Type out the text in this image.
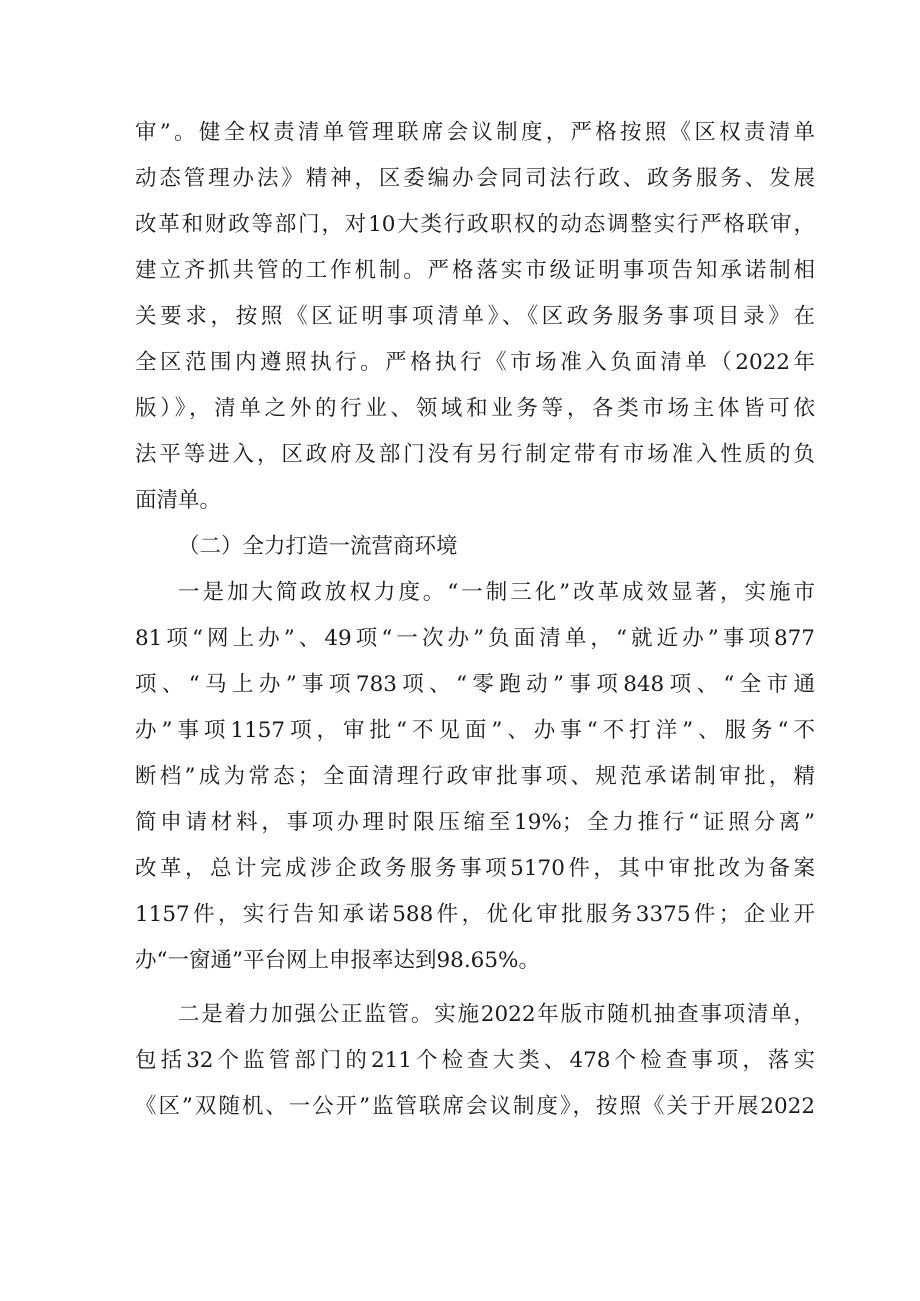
审”。健全权责清单管理联席会议制度，严格按照《区权责清单
动态管理办法》精神，区委编办会同司法行政、政务服务、发展
改革和财政等部门，对10大类行政职权的动态调整实行严格联审，
建立齐抓共管的工作机制。严格落实市级证明事项告知承诺制相
关要求，按照《区证明事项清单》、《区政务服务事项目录》在
全区范围内遵照执行。严格执行《市场准入负面清单（2022年
版）》，清单之外的行业、领域和业务等，各类市场主体皆可依
法平等进入，区政府及部门没有另行制定带有市场准入性质的负
面清单。
（二）全力打造一流营商环境
一是加大简政放权力度。“一制三化”改革成效显著，实施市
81项“网上办”、49项“一次办”负面清单，“就近办”事项877
项、“马上办”事项783项、“零跑动”事项848项、“全市通
办”事项1157项，审批“不见面”、办事“不打洋”、服务“不
断档”成为常态；全面清理行政审批事项、规范承诺制审批，精
简申请材料，事项办理时限压缩至19%；全力推行“证照分离”
改革，总计完成涉企政务服务事项5170件，其中审批改为备案
1157件，实行告知承诺588件，优化审批服务3375件；企业开
办“一窗通”平台网上申报率达到98.65%。
二是着力加强公正监管。实施2022年版市随机抽查事项清单，
包括32个监管部门的211个检查大类、478个检查事项，落实
《区”双随机、一公开”监管联席会议制度》，按照《关于开展2022
